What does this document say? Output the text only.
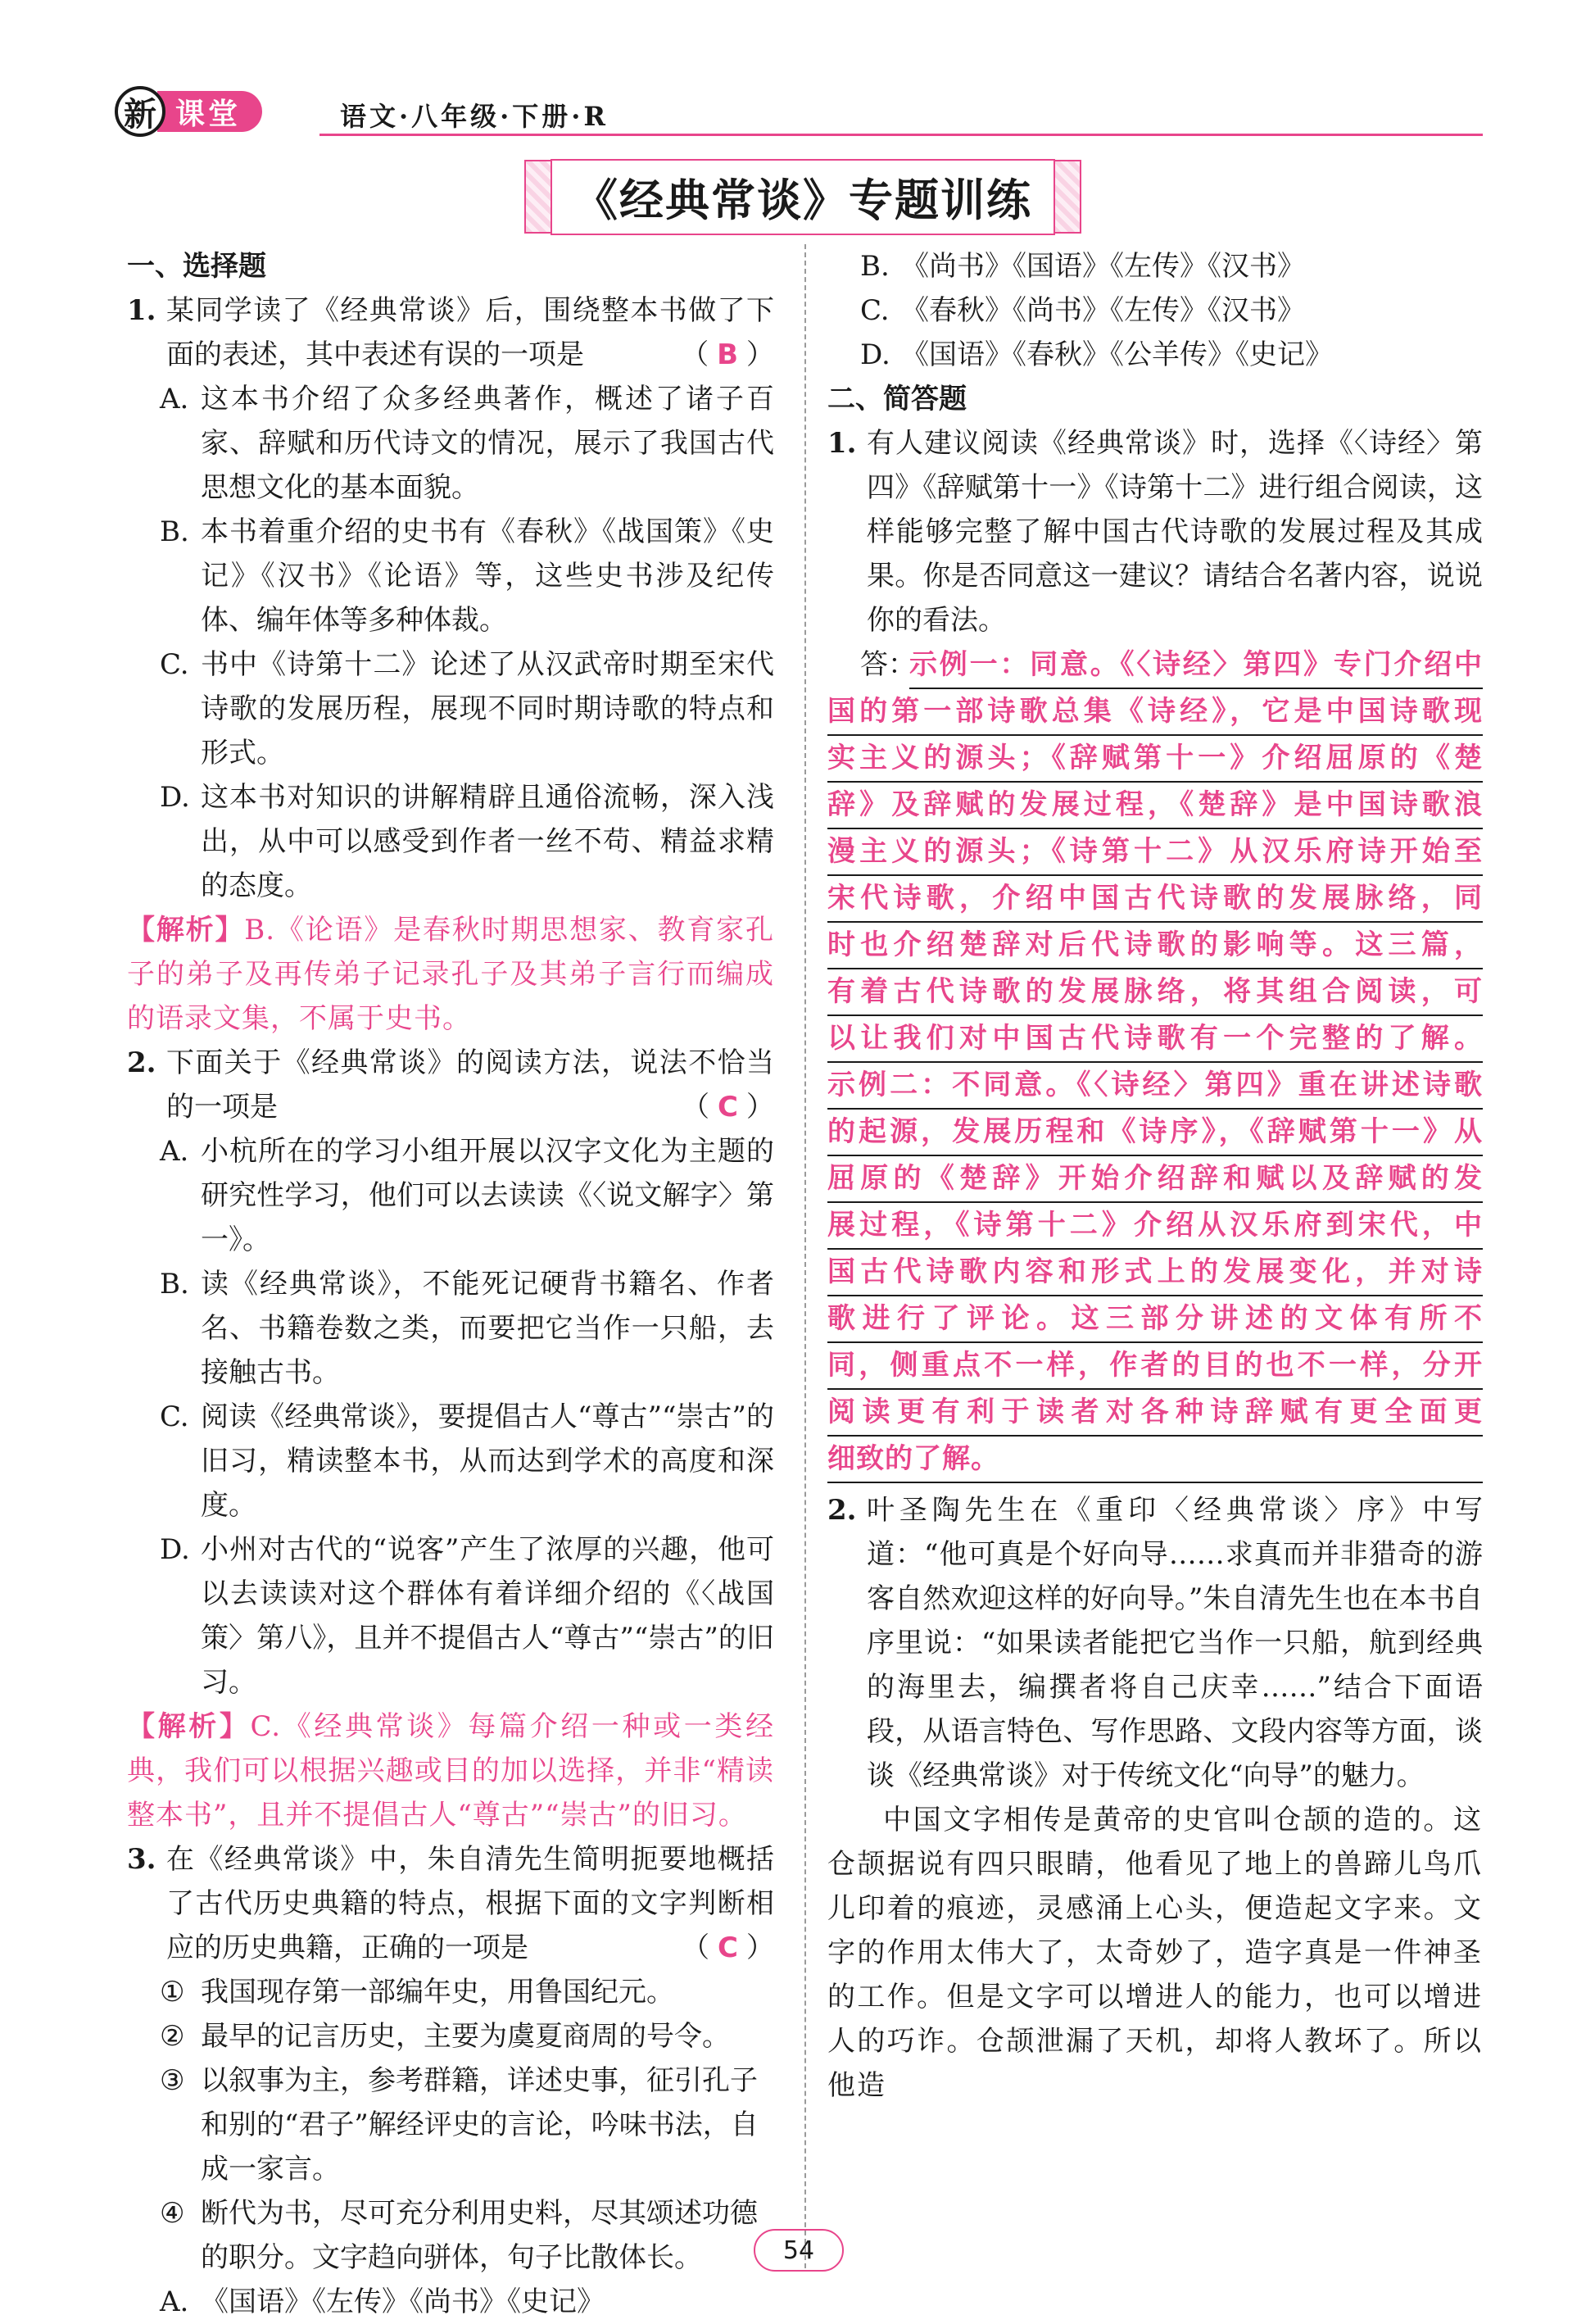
新 课堂	语文·八年级·下册·R
《经典常谈》专题训练
一、选择题
1. 某同学读了《经典常谈》后，围绕整本书做了下面的表述，其中表述有误的一项是	（ B ）
A. 这本书介绍了众多经典著作，概述了诸子百家、辞赋和历代诗文的情况，展示了我国古代思想文化的基本面貌。
B. 本书着重介绍的史书有《春秋》《战国策》《史记》《汉书》《论语》等，这些史书涉及纪传体、编年体等多种体裁。
C. 书中《诗第十二》论述了从汉武帝时期至宋代诗歌的发展历程，展现不同时期诗歌的特点和形式。
D. 这本书对知识的讲解精辟且通俗流畅，深入浅出，从中可以感受到作者一丝不苟、精益求精的态度。
【解析】B.《论语》是春秋时期思想家、教育家孔子的弟子及再传弟子记录孔子及其弟子言行而编成的语录文集，不属于史书。
2. 下面关于《经典常谈》的阅读方法，说法不恰当的一项是	（ C ）
A. 小杭所在的学习小组开展以汉字文化为主题的研究性学习，他们可以去读读《〈说文解字〉第一》。
B. 读《经典常谈》，不能死记硬背书籍名、作者名、书籍卷数之类，而要把它当作一只船，去接触古书。
C. 阅读《经典常谈》，要提倡古人“尊古”“崇古”的旧习，精读整本书，从而达到学术的高度和深度。
D. 小州对古代的“说客”产生了浓厚的兴趣，他可以去读读对这个群体有着详细介绍的《〈战国策〉第八》，且并不提倡古人“尊古”“崇古”的旧习。
【解析】C.《经典常谈》每篇介绍一种或一类经典，我们可以根据兴趣或目的加以选择，并非“精读整本书”，且并不提倡古人“尊古”“崇古”的旧习。
3. 在《经典常谈》中，朱自清先生简明扼要地概括了古代历史典籍的特点，根据下面的文字判断相应的历史典籍，正确的一项是	（ C ）
① 我国现存第一部编年史，用鲁国纪元。
② 最早的记言历史，主要为虞夏商周的号令。
③ 以叙事为主，参考群籍，详述史事，征引孔子和别的“君子”解经评史的言论，吟味书法，自成一家言。
④ 断代为书，尽可充分利用史料，尽其颂述功德的职分。文字趋向骈体，句子比散体长。
A. 《国语》《左传》《尚书》《史记》
B. 《尚书》《国语》《左传》《汉书》
C. 《春秋》《尚书》《左传》《汉书》
D. 《国语》《春秋》《公羊传》《史记》
二、简答题
1. 有人建议阅读《经典常谈》时，选择《〈诗经〉第四》《辞赋第十一》《诗第十二》进行组合阅读，这样能够完整了解中国古代诗歌的发展过程及其成果。你是否同意这一建议？请结合名著内容，说说你的看法。
答：
示例一：同意。《〈诗经〉第四》专门介绍中
国的第一部诗歌总集《诗经》，它是中国诗歌现
实主义的源头；《辞赋第十一》介绍屈原的《楚
辞》及辞赋的发展过程，《楚辞》是中国诗歌浪
漫主义的源头；《诗第十二》从汉乐府诗开始至
宋代诗歌，介绍中国古代诗歌的发展脉络，同
时也介绍楚辞对后代诗歌的影响等。这三篇，
有着古代诗歌的发展脉络，将其组合阅读，可
以让我们对中国古代诗歌有一个完整的了解。
示例二：不同意。《〈诗经〉第四》重在讲述诗歌
的起源，发展历程和《诗序》，《辞赋第十一》从
屈原的《楚辞》开始介绍辞和赋以及辞赋的发
展过程，《诗第十二》介绍从汉乐府到宋代，中
国古代诗歌内容和形式上的发展变化，并对诗
歌进行了评论。这三部分讲述的文体有所不
同，侧重点不一样，作者的目的也不一样，分开
阅读更有利于读者对各种诗辞赋有更全面更
细致的了解。
2. 叶圣陶先生在《重印〈经典常谈〉序》中写道：“他可真是个好向导……求真而并非猎奇的游客自然欢迎这样的好向导。”朱自清先生也在本书自序里说：“如果读者能把它当作一只船，航到经典的海里去，编撰者将自己庆幸……”结合下面语段，从语言特色、写作思路、文段内容等方面，谈谈《经典常谈》对于传统文化“向导”的魅力。
中国文字相传是黄帝的史官叫仓颉的造的。这仓颉据说有四只眼睛，他看见了地上的兽蹄儿鸟爪儿印着的痕迹，灵感涌上心头，便造起文字来。文字的作用太伟大了，太奇妙了，造字真是一件神圣的工作。但是文字可以增进人的能力，也可以增进人的巧诈。仓颉泄漏了天机，却将人教坏了。所以他造
54
